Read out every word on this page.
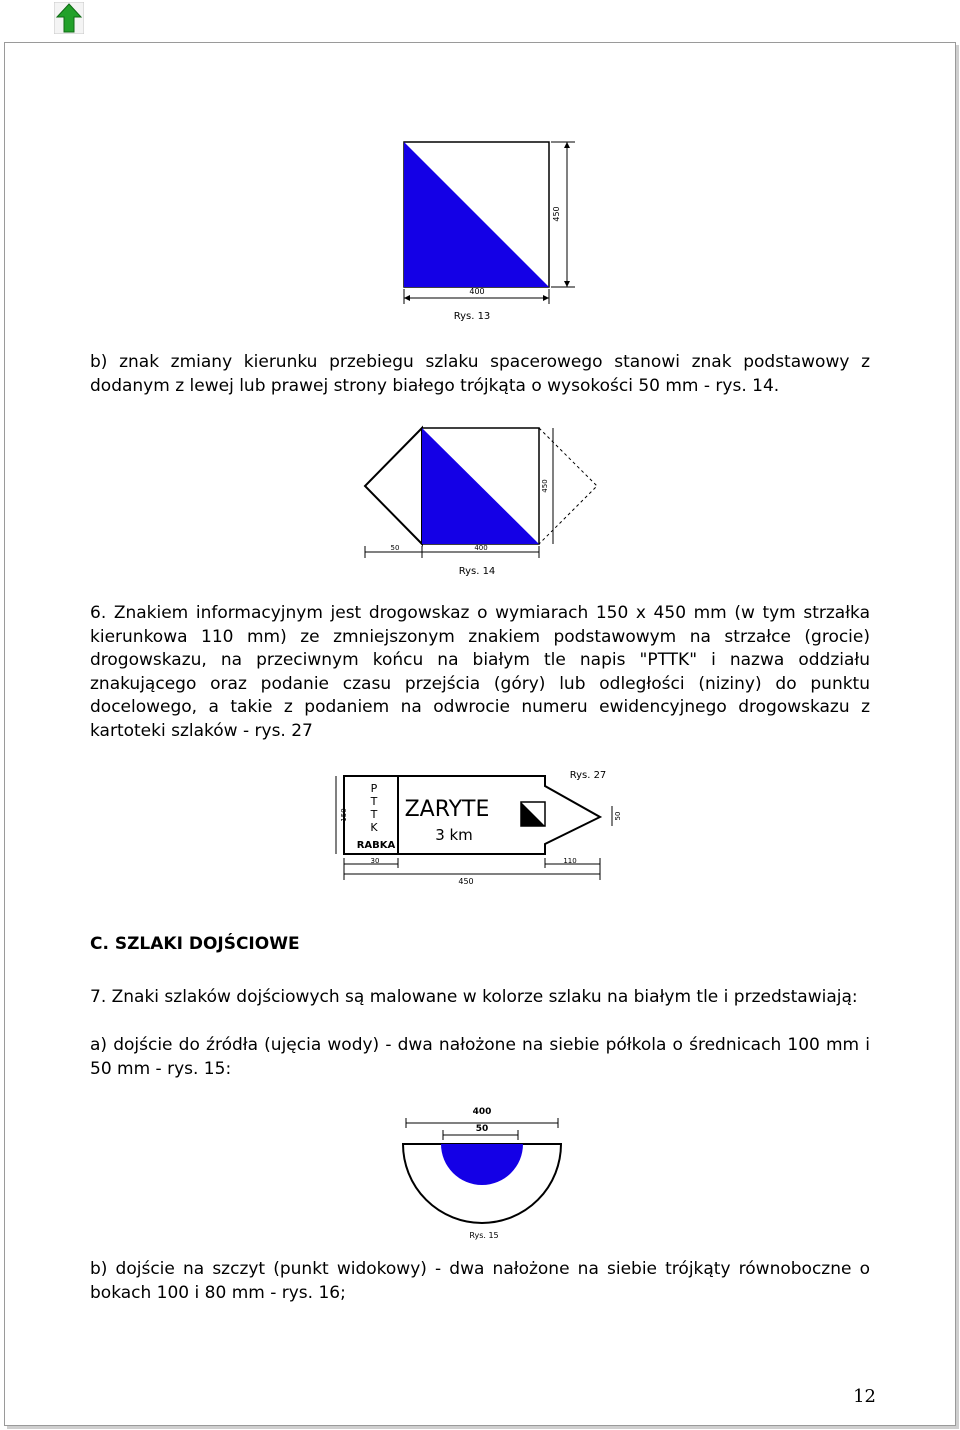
450
400
Rys. 13

b) znak zmiany kierunku przebiegu szlaku spacerowego stanowi znak podstawowy z dodanym z lewej lub prawej strony białego trójkąta o wysokości 50 mm - rys. 14.

450
50	400
Rys. 14

6. Znakiem informacyjnym jest drogowskaz o wymiarach 150 x 450 mm (w tym strzałka kierunkowa 110 mm) ze zmniejszonym znakiem podstawowym na strzałce (grocie) drogowskazu, na przeciwnym końcu na białym tle napis "PTTK" i nazwa oddziału znakującego oraz podanie czasu przejścia (góry) lub odległości (niziny) do punktu docelowego, a takie z podaniem na odwrocie numeru ewidencyjnego drogowskazu z kartoteki szlaków - rys. 27

P
T
T
K
RABKA
ZARYTE
3 km
150	50
Rys. 27
30	110
450
C. SZLAKI DOJŚCIOWE

7. Znaki szlaków dojściowych są malowane w kolorze szlaku na białym tle i przedstawiają:

a) dojście do źródła (ujęcia wody) - dwa nałożone na siebie półkola o średnicach 100 mm i 50 mm - rys. 15:

400
50
Rys. 15

b) dojście na szczyt (punkt widokowy) - dwa nałożone na siebie trójkąty równoboczne o bokach 100 i 80 mm - rys. 16;

12
